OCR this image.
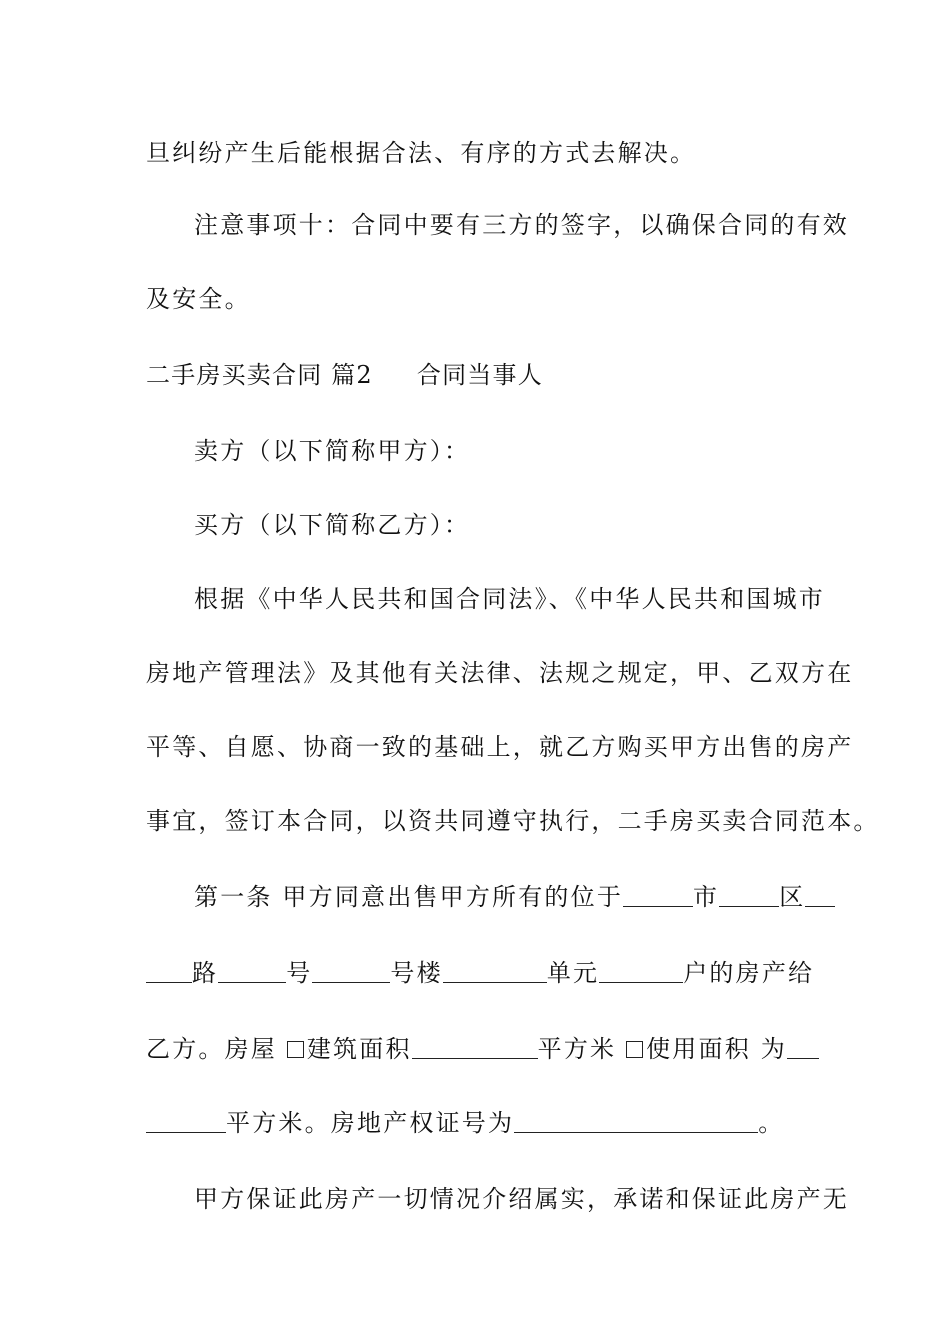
旦纠纷产生后能根据合法、有序的方式去解决。
注意事项十：合同中要有三方的签字，以确保合同的有效
及安全。
二手房买卖合同 篇2 合同当事人
卖方（以下简称甲方）：
买方（以下简称乙方）：
根据《中华人民共和国合同法》、《中华人民共和国城市
房地产管理法》及其他有关法律、法规之规定，甲、乙双方在
平等、自愿、协商一致的基础上，就乙方购买甲方出售的房产
事宜，签订本合同，以资共同遵守执行，二手房买卖合同范本。
第一条 甲方同意出售甲方所有的位于	市	区
路	号	号楼	单元	户的房产给
乙方。房屋 建筑面积	平方米 使用面积 为
平方米。房地产权证号为	。
甲方保证此房产一切情况介绍属实，承诺和保证此房产无
